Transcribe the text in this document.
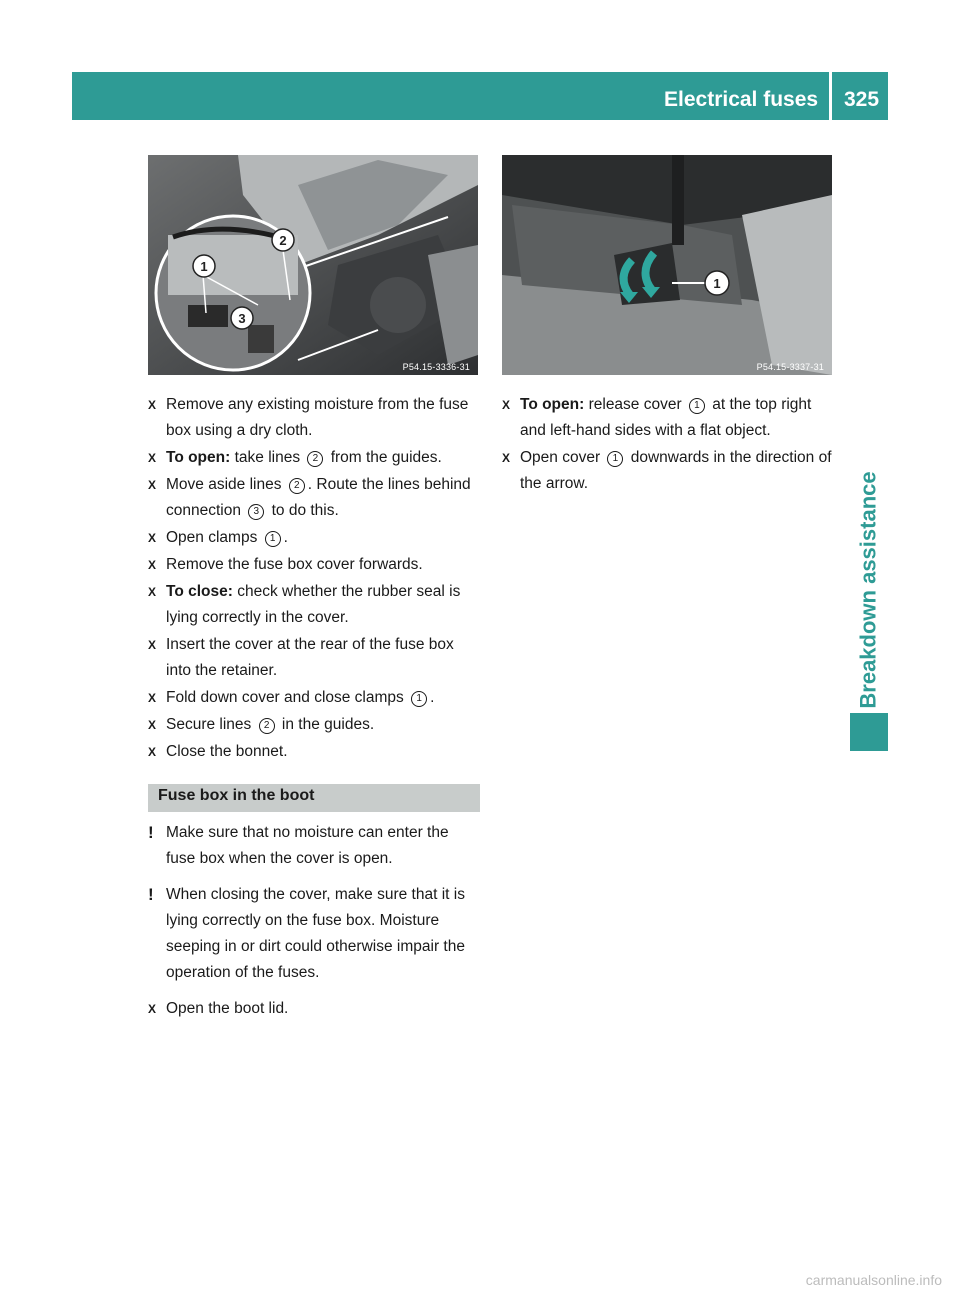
Electrical fuses 325
Breakdown assistance
1
2
3
P54.15-3336-31
1
P54.15-3337-31
X Remove any existing moisture from the fuse box using a dry cloth.
X To open: take lines 2 from the guides.
X Move aside lines 2 . Route the lines behind connection 3 to do this.
X Open clamps 1 .
X Remove the fuse box cover forwards.
X To close: check whether the rubber seal is lying correctly in the cover.
X Insert the cover at the rear of the fuse box into the retainer.
X Fold down cover and close clamps 1 .
X Secure lines 2 in the guides.
X Close the bonnet.
Fuse box in the boot
! Make sure that no moisture can enter the fuse box when the cover is open.
! When closing the cover, make sure that it is lying correctly on the fuse box. Moisture seeping in or dirt could otherwise impair the operation of the fuses.
X Open the boot lid.
X To open: release cover 1 at the top right and left-hand sides with a flat object.
X Open cover 1 downwards in the direction of the arrow.
carmanualsonline.info
